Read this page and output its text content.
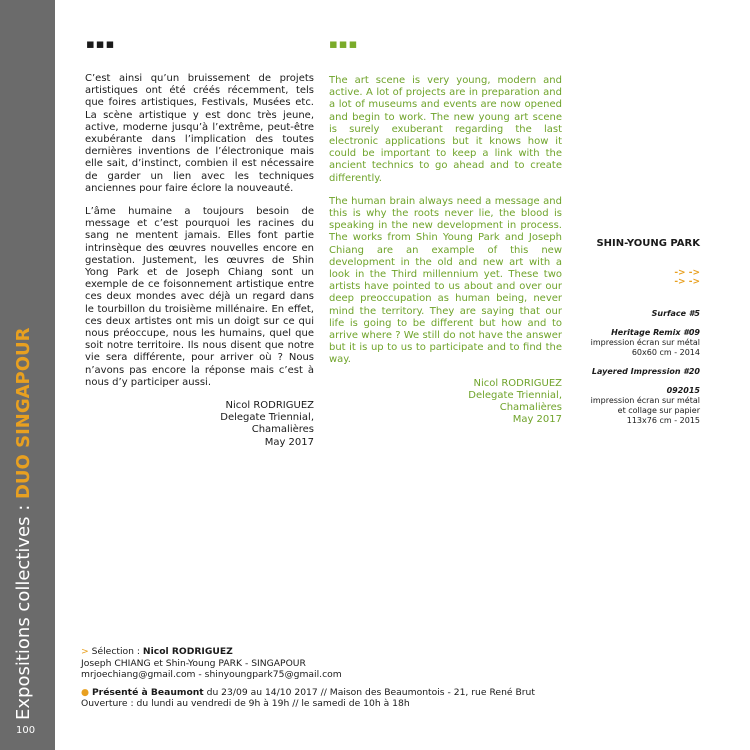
Expositions collectives : DUO SINGAPOUR
100
▪▪▪	▪▪▪

C’est ainsi qu’un bruissement de projets artistiques ont été créés récemment, tels que foires artistiques, Festivals, Musées etc. La scène artistique y est donc très jeune, active, moderne jusqu’à l’extrême, peut-être exubérante dans l’implication des toutes dernières inventions de l’électronique mais elle sait, d’instinct, combien il est nécessaire de garder un lien avec les techniques anciennes pour faire éclore la nouveauté.

L’âme humaine a toujours besoin de message et c’est pourquoi les racines du sang ne mentent jamais. Elles font partie intrinsèque des œuvres nouvelles encore en gestation. Justement, les œuvres de Shin Yong Park et de Joseph Chiang sont un exemple de ce foisonnement artistique entre ces deux mondes avec déjà un regard dans le tourbillon du troisième millénaire. En effet, ces deux artistes ont mis un doigt sur ce qui nous préoccupe, nous les humains, quel que soit notre territoire. Ils nous disent que notre vie sera différente, pour arriver où ? Nous n’avons pas encore la réponse mais c’est à nous d’y participer aussi.

Nicol RODRIGUEZ
Delegate Triennial,
Chamalières
May 2017

The art scene is very young, modern and active. A lot of projects are in preparation and a lot of museums and events are now opened and begin to work. The new young art scene is surely exuberant regarding the last electronic applications but it knows how it could be important to keep a link with the ancient technics to go ahead and to create differently.

The human brain always need a message and this is why the roots never lie, the blood is speaking in the new development in process. The works from Shin Young Park and Joseph Chiang are an example of this new development in the old and new art with a look in the Third millennium yet. These two artists have pointed to us about and over our deep preoccupation as human being, never mind the territory. They are saying that our life is going to be different but how and to arrive where ? We still do not have the answer but it is up to us to participate and to find the way.

Nicol RODRIGUEZ
Delegate Triennial,
Chamalières
May 2017
SHIN-YOUNG PARK
-> ->
-> ->
Surface #5
Heritage Remix #09
impression écran sur métal
60x60 cm - 2014
Layered Impression #20
092015
impression écran sur métal
et collage sur papier
113x76 cm - 2015
> Sélection : Nicol RODRIGUEZ
Joseph CHIANG et Shin-Young PARK - SINGAPOUR
mrjoechiang@gmail.com - shinyoungpark75@gmail.com
● Présenté à Beaumont du 23/09 au 14/10 2017 // Maison des Beaumontois - 21, rue René Brut
Ouverture : du lundi au vendredi de 9h à 19h // le samedi de 10h à 18h
